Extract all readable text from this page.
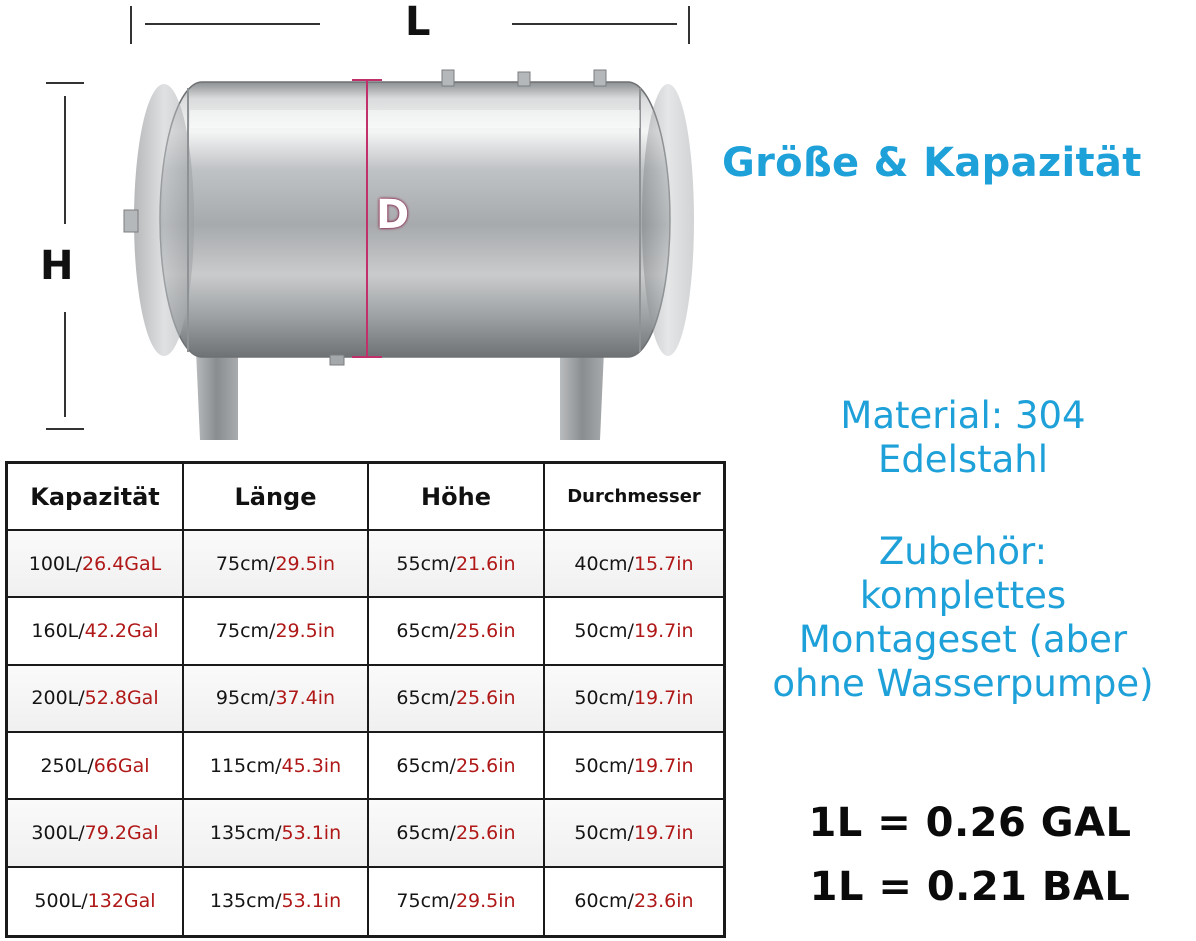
L
H
D
Größe & Kapazität
Material: 304
Edelstahl
Zubehör:
komplettes
Montageset (aber
ohne Wasserpumpe)
1L = 0.26 GAL
1L = 0.21 BAL
Kapazität	Länge	Höhe	Durchmesser
100L / 26.4GaL	75cm / 29.5in	55cm / 21.6in	40cm / 15.7in
160L / 42.2Gal	75cm / 29.5in	65cm / 25.6in	50cm / 19.7in
200L / 52.8Gal	95cm / 37.4in	65cm / 25.6in	50cm / 19.7in
250L / 66Gal	115cm / 45.3in	65cm / 25.6in	50cm / 19.7in
300L / 79.2Gal	135cm / 53.1in	65cm / 25.6in	50cm / 19.7in
500L / 132Gal	135cm / 53.1in	75cm / 29.5in	60cm / 23.6in
